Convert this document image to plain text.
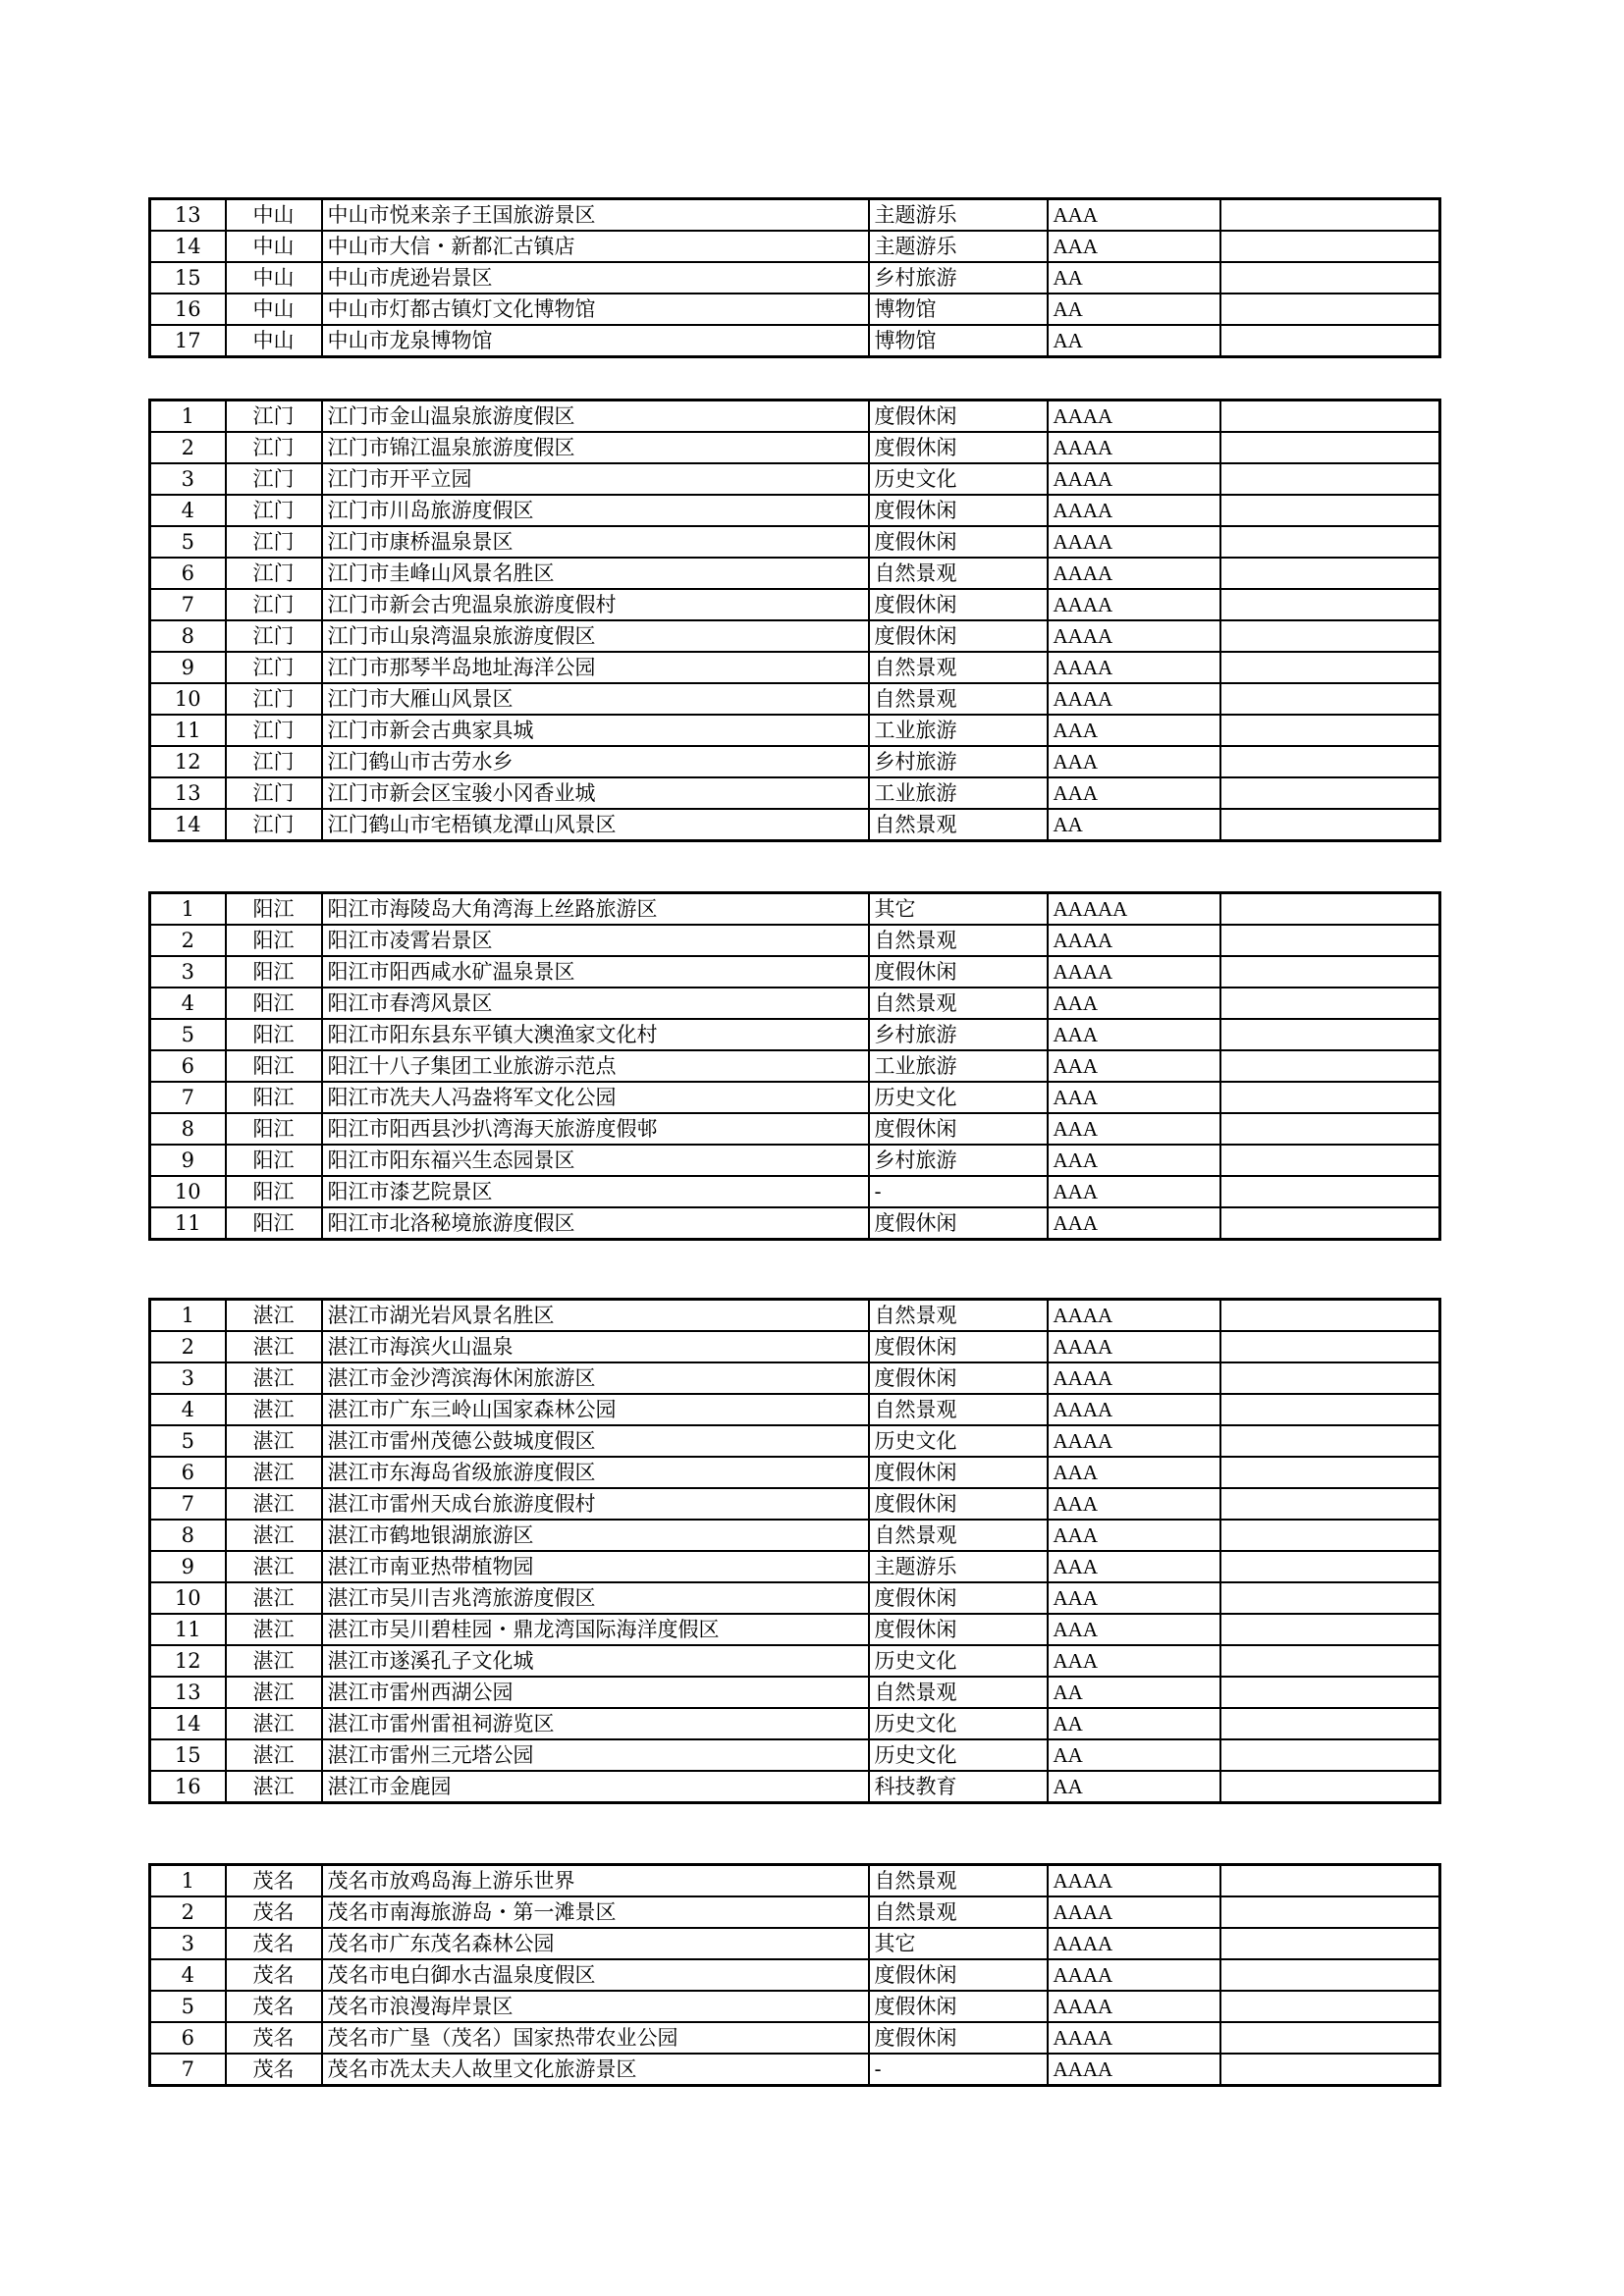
13	中山	中山市悦来亲子王国旅游景区	主题游乐	AAA	
14	中山	中山市大信・新都汇古镇店	主题游乐	AAA	
15	中山	中山市虎逊岩景区	乡村旅游	AA	
16	中山	中山市灯都古镇灯文化博物馆	博物馆	AA	
17	中山	中山市龙泉博物馆	博物馆	AA	
1	江门	江门市金山温泉旅游度假区	度假休闲	AAAA	
2	江门	江门市锦江温泉旅游度假区	度假休闲	AAAA	
3	江门	江门市开平立园	历史文化	AAAA	
4	江门	江门市川岛旅游度假区	度假休闲	AAAA	
5	江门	江门市康桥温泉景区	度假休闲	AAAA	
6	江门	江门市圭峰山风景名胜区	自然景观	AAAA	
7	江门	江门市新会古兜温泉旅游度假村	度假休闲	AAAA	
8	江门	江门市山泉湾温泉旅游度假区	度假休闲	AAAA	
9	江门	江门市那琴半岛地址海洋公园	自然景观	AAAA	
10	江门	江门市大雁山风景区	自然景观	AAAA	
11	江门	江门市新会古典家具城	工业旅游	AAA	
12	江门	江门鹤山市古劳水乡	乡村旅游	AAA	
13	江门	江门市新会区宝骏小冈香业城	工业旅游	AAA	
14	江门	江门鹤山市宅梧镇龙潭山风景区	自然景观	AA	
1	阳江	阳江市海陵岛大角湾海上丝路旅游区	其它	AAAAA	
2	阳江	阳江市凌霄岩景区	自然景观	AAAA	
3	阳江	阳江市阳西咸水矿温泉景区	度假休闲	AAAA	
4	阳江	阳江市春湾风景区	自然景观	AAA	
5	阳江	阳江市阳东县东平镇大澳渔家文化村	乡村旅游	AAA	
6	阳江	阳江十八子集团工业旅游示范点	工业旅游	AAA	
7	阳江	阳江市冼夫人冯盎将军文化公园	历史文化	AAA	
8	阳江	阳江市阳西县沙扒湾海天旅游度假邨	度假休闲	AAA	
9	阳江	阳江市阳东福兴生态园景区	乡村旅游	AAA	
10	阳江	阳江市漆艺院景区	-	AAA	
11	阳江	阳江市北洛秘境旅游度假区	度假休闲	AAA	
1	湛江	湛江市湖光岩风景名胜区	自然景观	AAAA	
2	湛江	湛江市海滨火山温泉	度假休闲	AAAA	
3	湛江	湛江市金沙湾滨海休闲旅游区	度假休闲	AAAA	
4	湛江	湛江市广东三岭山国家森林公园	自然景观	AAAA	
5	湛江	湛江市雷州茂德公鼓城度假区	历史文化	AAAA	
6	湛江	湛江市东海岛省级旅游度假区	度假休闲	AAA	
7	湛江	湛江市雷州天成台旅游度假村	度假休闲	AAA	
8	湛江	湛江市鹤地银湖旅游区	自然景观	AAA	
9	湛江	湛江市南亚热带植物园	主题游乐	AAA	
10	湛江	湛江市吴川吉兆湾旅游度假区	度假休闲	AAA	
11	湛江	湛江市吴川碧桂园・鼎龙湾国际海洋度假区	度假休闲	AAA	
12	湛江	湛江市遂溪孔子文化城	历史文化	AAA	
13	湛江	湛江市雷州西湖公园	自然景观	AA	
14	湛江	湛江市雷州雷祖祠游览区	历史文化	AA	
15	湛江	湛江市雷州三元塔公园	历史文化	AA	
16	湛江	湛江市金鹿园	科技教育	AA	
1	茂名	茂名市放鸡岛海上游乐世界	自然景观	AAAA	
2	茂名	茂名市南海旅游岛・第一滩景区	自然景观	AAAA	
3	茂名	茂名市广东茂名森林公园	其它	AAAA	
4	茂名	茂名市电白御水古温泉度假区	度假休闲	AAAA	
5	茂名	茂名市浪漫海岸景区	度假休闲	AAAA	
6	茂名	茂名市广垦（茂名）国家热带农业公园	度假休闲	AAAA	
7	茂名	茂名市冼太夫人故里文化旅游景区	-	AAAA	
